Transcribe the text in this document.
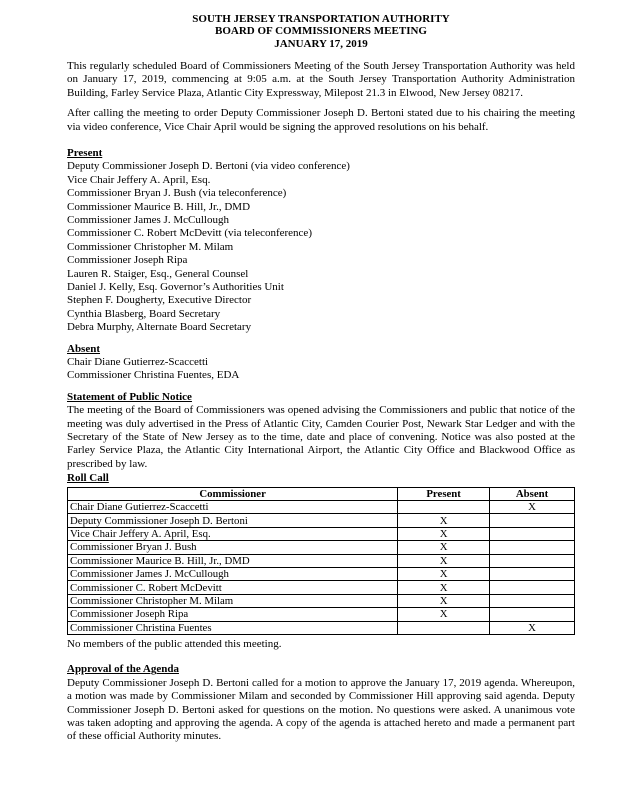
SOUTH JERSEY TRANSPORTATION AUTHORITY
BOARD OF COMMISSIONERS MEETING
JANUARY 17, 2019

This regularly scheduled Board of Commissioners Meeting of the South Jersey Transportation Authority was held on January 17, 2019, commencing at 9:05 a.m. at the South Jersey Transportation Authority Administration Building, Farley Service Plaza, Atlantic City Expressway, Milepost 21.3 in Elwood, New Jersey 08217.

After calling the meeting to order Deputy Commissioner Joseph D. Bertoni stated due to his chairing the meeting via video conference, Vice Chair April would be signing the approved resolutions on his behalf.

Present
Deputy Commissioner Joseph D. Bertoni (via video conference)
Vice Chair Jeffery A. April, Esq.
Commissioner Bryan J. Bush (via teleconference)
Commissioner Maurice B. Hill, Jr., DMD
Commissioner James J. McCullough
Commissioner C. Robert McDevitt (via teleconference)
Commissioner Christopher M. Milam
Commissioner Joseph Ripa
Lauren R. Staiger, Esq., General Counsel
Daniel J. Kelly, Esq. Governor’s Authorities Unit
Stephen F. Dougherty, Executive Director
Cynthia Blasberg, Board Secretary
Debra Murphy, Alternate Board Secretary
Absent
Chair Diane Gutierrez-Scaccetti
Commissioner Christina Fuentes, EDA
Statement of Public Notice

The meeting of the Board of Commissioners was opened advising the Commissioners and public that notice of the meeting was duly advertised in the Press of Atlantic City, Camden Courier Post, Newark Star Ledger and with the Secretary of the State of New Jersey as to the time, date and place of convening. Notice was also posted at the Farley Service Plaza, the Atlantic City International Airport, the Atlantic City Office and Blackwood Office as prescribed by law.

Roll Call
Commissioner	Present	Absent
Chair Diane Gutierrez-Scaccetti		X
Deputy Commissioner Joseph D. Bertoni	X	
Vice Chair Jeffery A. April, Esq.	X	
Commissioner Bryan J. Bush	X	
Commissioner Maurice B. Hill, Jr., DMD	X	
Commissioner James J. McCullough	X	
Commissioner C. Robert McDevitt	X	
Commissioner Christopher M. Milam	X	
Commissioner Joseph Ripa	X	
Commissioner Christina Fuentes		X
No members of the public attended this meeting.
Approval of the Agenda

Deputy Commissioner Joseph D. Bertoni called for a motion to approve the January 17, 2019 agenda. Whereupon, a motion was made by Commissioner Milam and seconded by Commissioner Hill approving said agenda. Deputy Commissioner Joseph D. Bertoni asked for questions on the motion. No questions were asked. A unanimous vote was taken adopting and approving the agenda. A copy of the agenda is attached hereto and made a permanent part of these official Authority minutes.
